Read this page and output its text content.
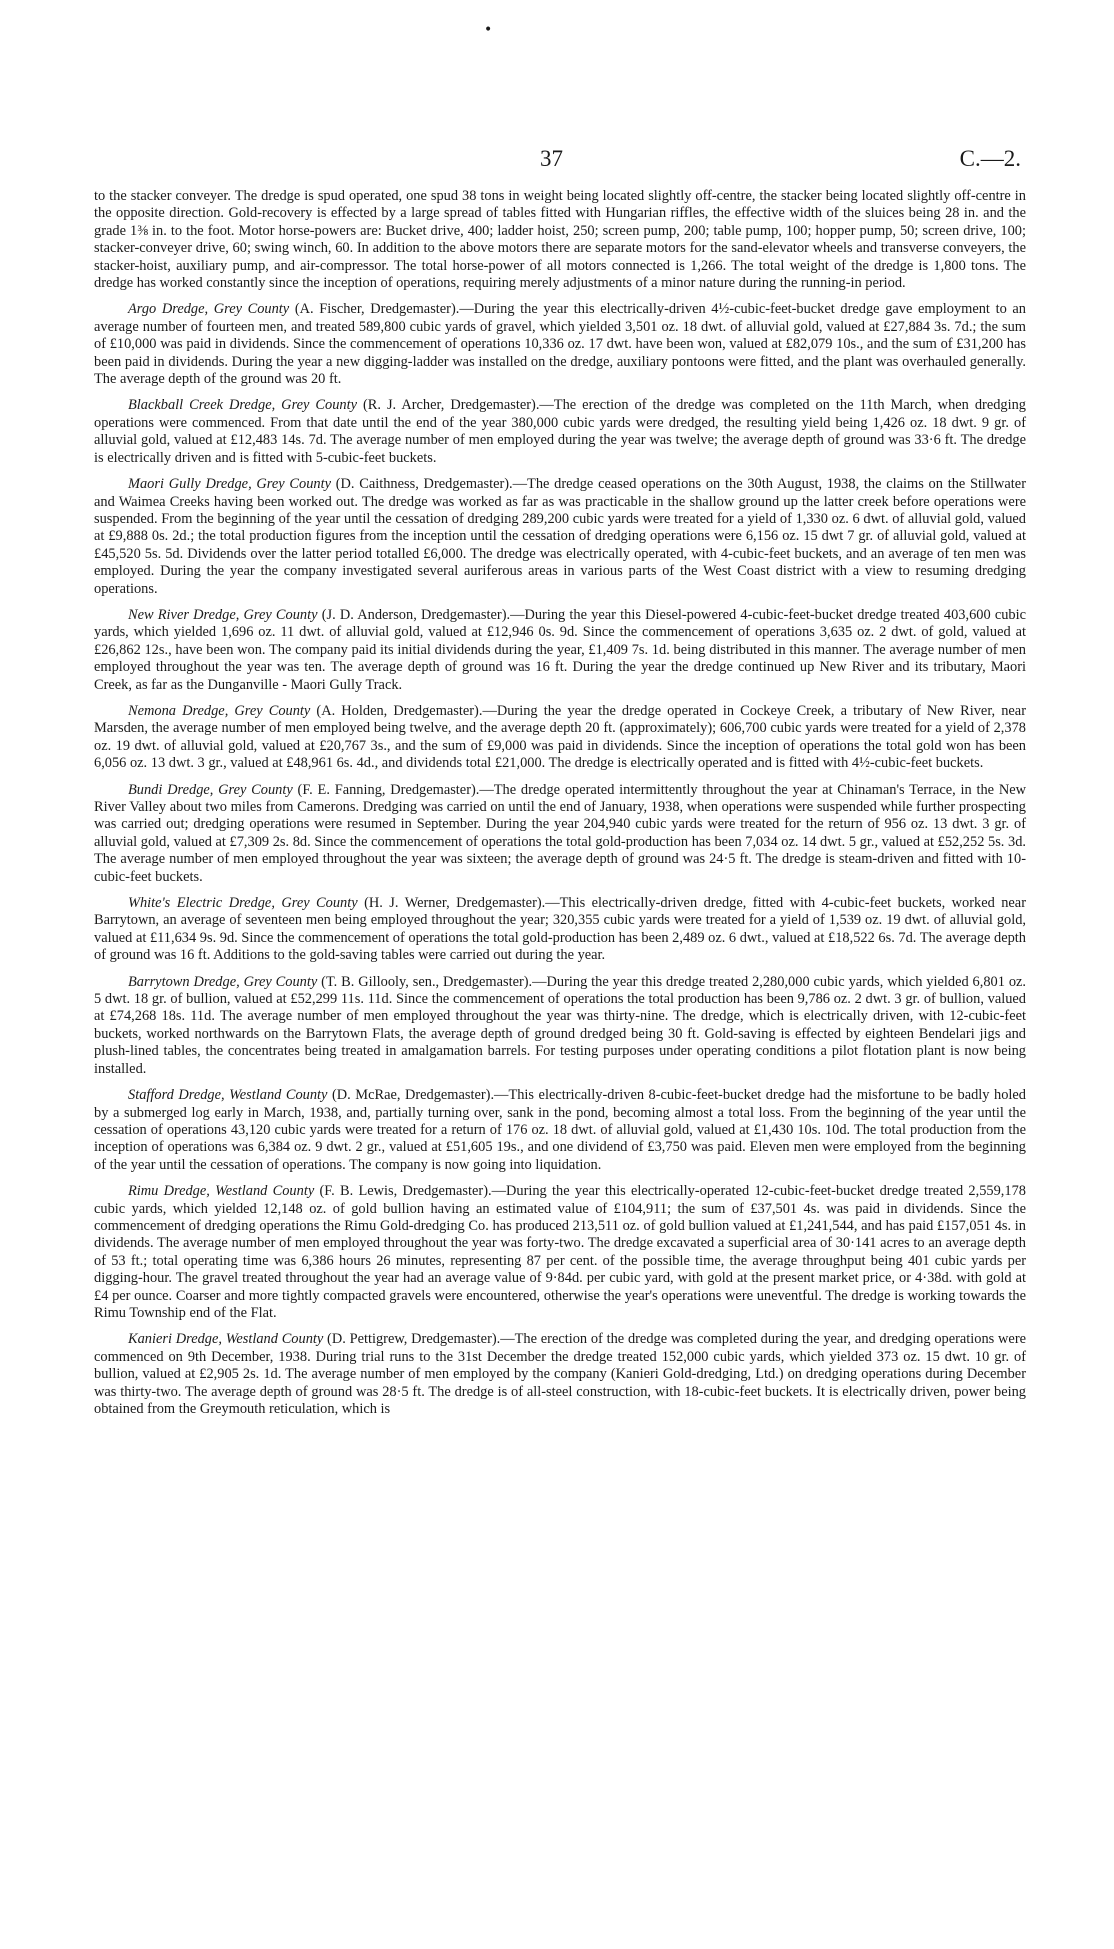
•
37	C.—2.

to the stacker conveyer. The dredge is spud operated, one spud 38 tons in weight being located slightly off-centre, the stacker being located slightly off-centre in the opposite direction. Gold-recovery is effected by a large spread of tables fitted with Hungarian riffles, the effective width of the sluices being 28 in. and the grade 1⅜ in. to the foot. Motor horse-powers are: Bucket drive, 400; ladder hoist, 250; screen pump, 200; table pump, 100; hopper pump, 50; screen drive, 100; stacker-conveyer drive, 60; swing winch, 60. In addition to the above motors there are separate motors for the sand-elevator wheels and transverse conveyers, the stacker-hoist, auxiliary pump, and air-compressor. The total horse-power of all motors connected is 1,266. The total weight of the dredge is 1,800 tons. The dredge has worked constantly since the inception of operations, requiring merely adjustments of a minor nature during the running-in period.

Argo Dredge, Grey County (A. Fischer, Dredgemaster).—During the year this electrically-driven 4½-cubic-feet-bucket dredge gave employment to an average number of fourteen men, and treated 589,800 cubic yards of gravel, which yielded 3,501 oz. 18 dwt. of alluvial gold, valued at £27,884 3s. 7d.; the sum of £10,000 was paid in dividends. Since the commencement of operations 10,336 oz. 17 dwt. have been won, valued at £82,079 10s., and the sum of £31,200 has been paid in dividends. During the year a new digging-ladder was installed on the dredge, auxiliary pontoons were fitted, and the plant was overhauled generally. The average depth of the ground was 20 ft.

Blackball Creek Dredge, Grey County (R. J. Archer, Dredgemaster).—The erection of the dredge was completed on the 11th March, when dredging operations were commenced. From that date until the end of the year 380,000 cubic yards were dredged, the resulting yield being 1,426 oz. 18 dwt. 9 gr. of alluvial gold, valued at £12,483 14s. 7d. The average number of men employed during the year was twelve; the average depth of ground was 33·6 ft. The dredge is electrically driven and is fitted with 5-cubic-feet buckets.

Maori Gully Dredge, Grey County (D. Caithness, Dredgemaster).—The dredge ceased operations on the 30th August, 1938, the claims on the Stillwater and Waimea Creeks having been worked out. The dredge was worked as far as was practicable in the shallow ground up the latter creek before operations were suspended. From the beginning of the year until the cessation of dredging 289,200 cubic yards were treated for a yield of 1,330 oz. 6 dwt. of alluvial gold, valued at £9,888 0s. 2d.; the total production figures from the inception until the cessation of dredging operations were 6,156 oz. 15 dwt 7 gr. of alluvial gold, valued at £45,520 5s. 5d. Dividends over the latter period totalled £6,000. The dredge was electrically operated, with 4-cubic-feet buckets, and an average of ten men was employed. During the year the company investigated several auriferous areas in various parts of the West Coast district with a view to resuming dredging operations.

New River Dredge, Grey County (J. D. Anderson, Dredgemaster).—During the year this Diesel-powered 4-cubic-feet-bucket dredge treated 403,600 cubic yards, which yielded 1,696 oz. 11 dwt. of alluvial gold, valued at £12,946 0s. 9d. Since the commencement of operations 3,635 oz. 2 dwt. of gold, valued at £26,862 12s., have been won. The company paid its initial dividends during the year, £1,409 7s. 1d. being distributed in this manner. The average number of men employed throughout the year was ten. The average depth of ground was 16 ft. During the year the dredge continued up New River and its tributary, Maori Creek, as far as the Dunganville - Maori Gully Track.

Nemona Dredge, Grey County (A. Holden, Dredgemaster).—During the year the dredge operated in Cockeye Creek, a tributary of New River, near Marsden, the average number of men employed being twelve, and the average depth 20 ft. (approximately); 606,700 cubic yards were treated for a yield of 2,378 oz. 19 dwt. of alluvial gold, valued at £20,767 3s., and the sum of £9,000 was paid in dividends. Since the inception of operations the total gold won has been 6,056 oz. 13 dwt. 3 gr., valued at £48,961 6s. 4d., and dividends total £21,000. The dredge is electrically operated and is fitted with 4½-cubic-feet buckets.

Bundi Dredge, Grey County (F. E. Fanning, Dredgemaster).—The dredge operated intermittently throughout the year at Chinaman's Terrace, in the New River Valley about two miles from Camerons. Dredging was carried on until the end of January, 1938, when operations were suspended while further prospecting was carried out; dredging operations were resumed in September. During the year 204,940 cubic yards were treated for the return of 956 oz. 13 dwt. 3 gr. of alluvial gold, valued at £7,309 2s. 8d. Since the commencement of operations the total gold-production has been 7,034 oz. 14 dwt. 5 gr., valued at £52,252 5s. 3d. The average number of men employed throughout the year was sixteen; the average depth of ground was 24·5 ft. The dredge is steam-driven and fitted with 10-cubic-feet buckets.

White's Electric Dredge, Grey County (H. J. Werner, Dredgemaster).—This electrically-driven dredge, fitted with 4-cubic-feet buckets, worked near Barrytown, an average of seventeen men being employed throughout the year; 320,355 cubic yards were treated for a yield of 1,539 oz. 19 dwt. of alluvial gold, valued at £11,634 9s. 9d. Since the commencement of operations the total gold-production has been 2,489 oz. 6 dwt., valued at £18,522 6s. 7d. The average depth of ground was 16 ft. Additions to the gold-saving tables were carried out during the year.

Barrytown Dredge, Grey County (T. B. Gillooly, sen., Dredgemaster).—During the year this dredge treated 2,280,000 cubic yards, which yielded 6,801 oz. 5 dwt. 18 gr. of bullion, valued at £52,299 11s. 11d. Since the commencement of operations the total production has been 9,786 oz. 2 dwt. 3 gr. of bullion, valued at £74,268 18s. 11d. The average number of men employed throughout the year was thirty-nine. The dredge, which is electrically driven, with 12-cubic-feet buckets, worked northwards on the Barrytown Flats, the average depth of ground dredged being 30 ft. Gold-saving is effected by eighteen Bendelari jigs and plush-lined tables, the concentrates being treated in amalgamation barrels. For testing purposes under operating conditions a pilot flotation plant is now being installed.

Stafford Dredge, Westland County (D. McRae, Dredgemaster).—This electrically-driven 8-cubic-feet-bucket dredge had the misfortune to be badly holed by a submerged log early in March, 1938, and, partially turning over, sank in the pond, becoming almost a total loss. From the beginning of the year until the cessation of operations 43,120 cubic yards were treated for a return of 176 oz. 18 dwt. of alluvial gold, valued at £1,430 10s. 10d. The total production from the inception of operations was 6,384 oz. 9 dwt. 2 gr., valued at £51,605 19s., and one dividend of £3,750 was paid. Eleven men were employed from the beginning of the year until the cessation of operations. The company is now going into liquidation.

Rimu Dredge, Westland County (F. B. Lewis, Dredgemaster).—During the year this electrically-operated 12-cubic-feet-bucket dredge treated 2,559,178 cubic yards, which yielded 12,148 oz. of gold bullion having an estimated value of £104,911; the sum of £37,501 4s. was paid in dividends. Since the commencement of dredging operations the Rimu Gold-dredging Co. has produced 213,511 oz. of gold bullion valued at £1,241,544, and has paid £157,051 4s. in dividends. The average number of men employed throughout the year was forty-two. The dredge excavated a superficial area of 30·141 acres to an average depth of 53 ft.; total operating time was 6,386 hours 26 minutes, representing 87 per cent. of the possible time, the average throughput being 401 cubic yards per digging-hour. The gravel treated throughout the year had an average value of 9·84d. per cubic yard, with gold at the present market price, or 4·38d. with gold at £4 per ounce. Coarser and more tightly compacted gravels were encountered, otherwise the year's operations were uneventful. The dredge is working towards the Rimu Township end of the Flat.

Kanieri Dredge, Westland County (D. Pettigrew, Dredgemaster).—The erection of the dredge was completed during the year, and dredging operations were commenced on 9th December, 1938. During trial runs to the 31st December the dredge treated 152,000 cubic yards, which yielded 373 oz. 15 dwt. 10 gr. of bullion, valued at £2,905 2s. 1d. The average number of men employed by the company (Kanieri Gold-dredging, Ltd.) on dredging operations during December was thirty-two. The average depth of ground was 28·5 ft. The dredge is of all-steel construction, with 18-cubic-feet buckets. It is electrically driven, power being obtained from the Greymouth reticulation, which is
